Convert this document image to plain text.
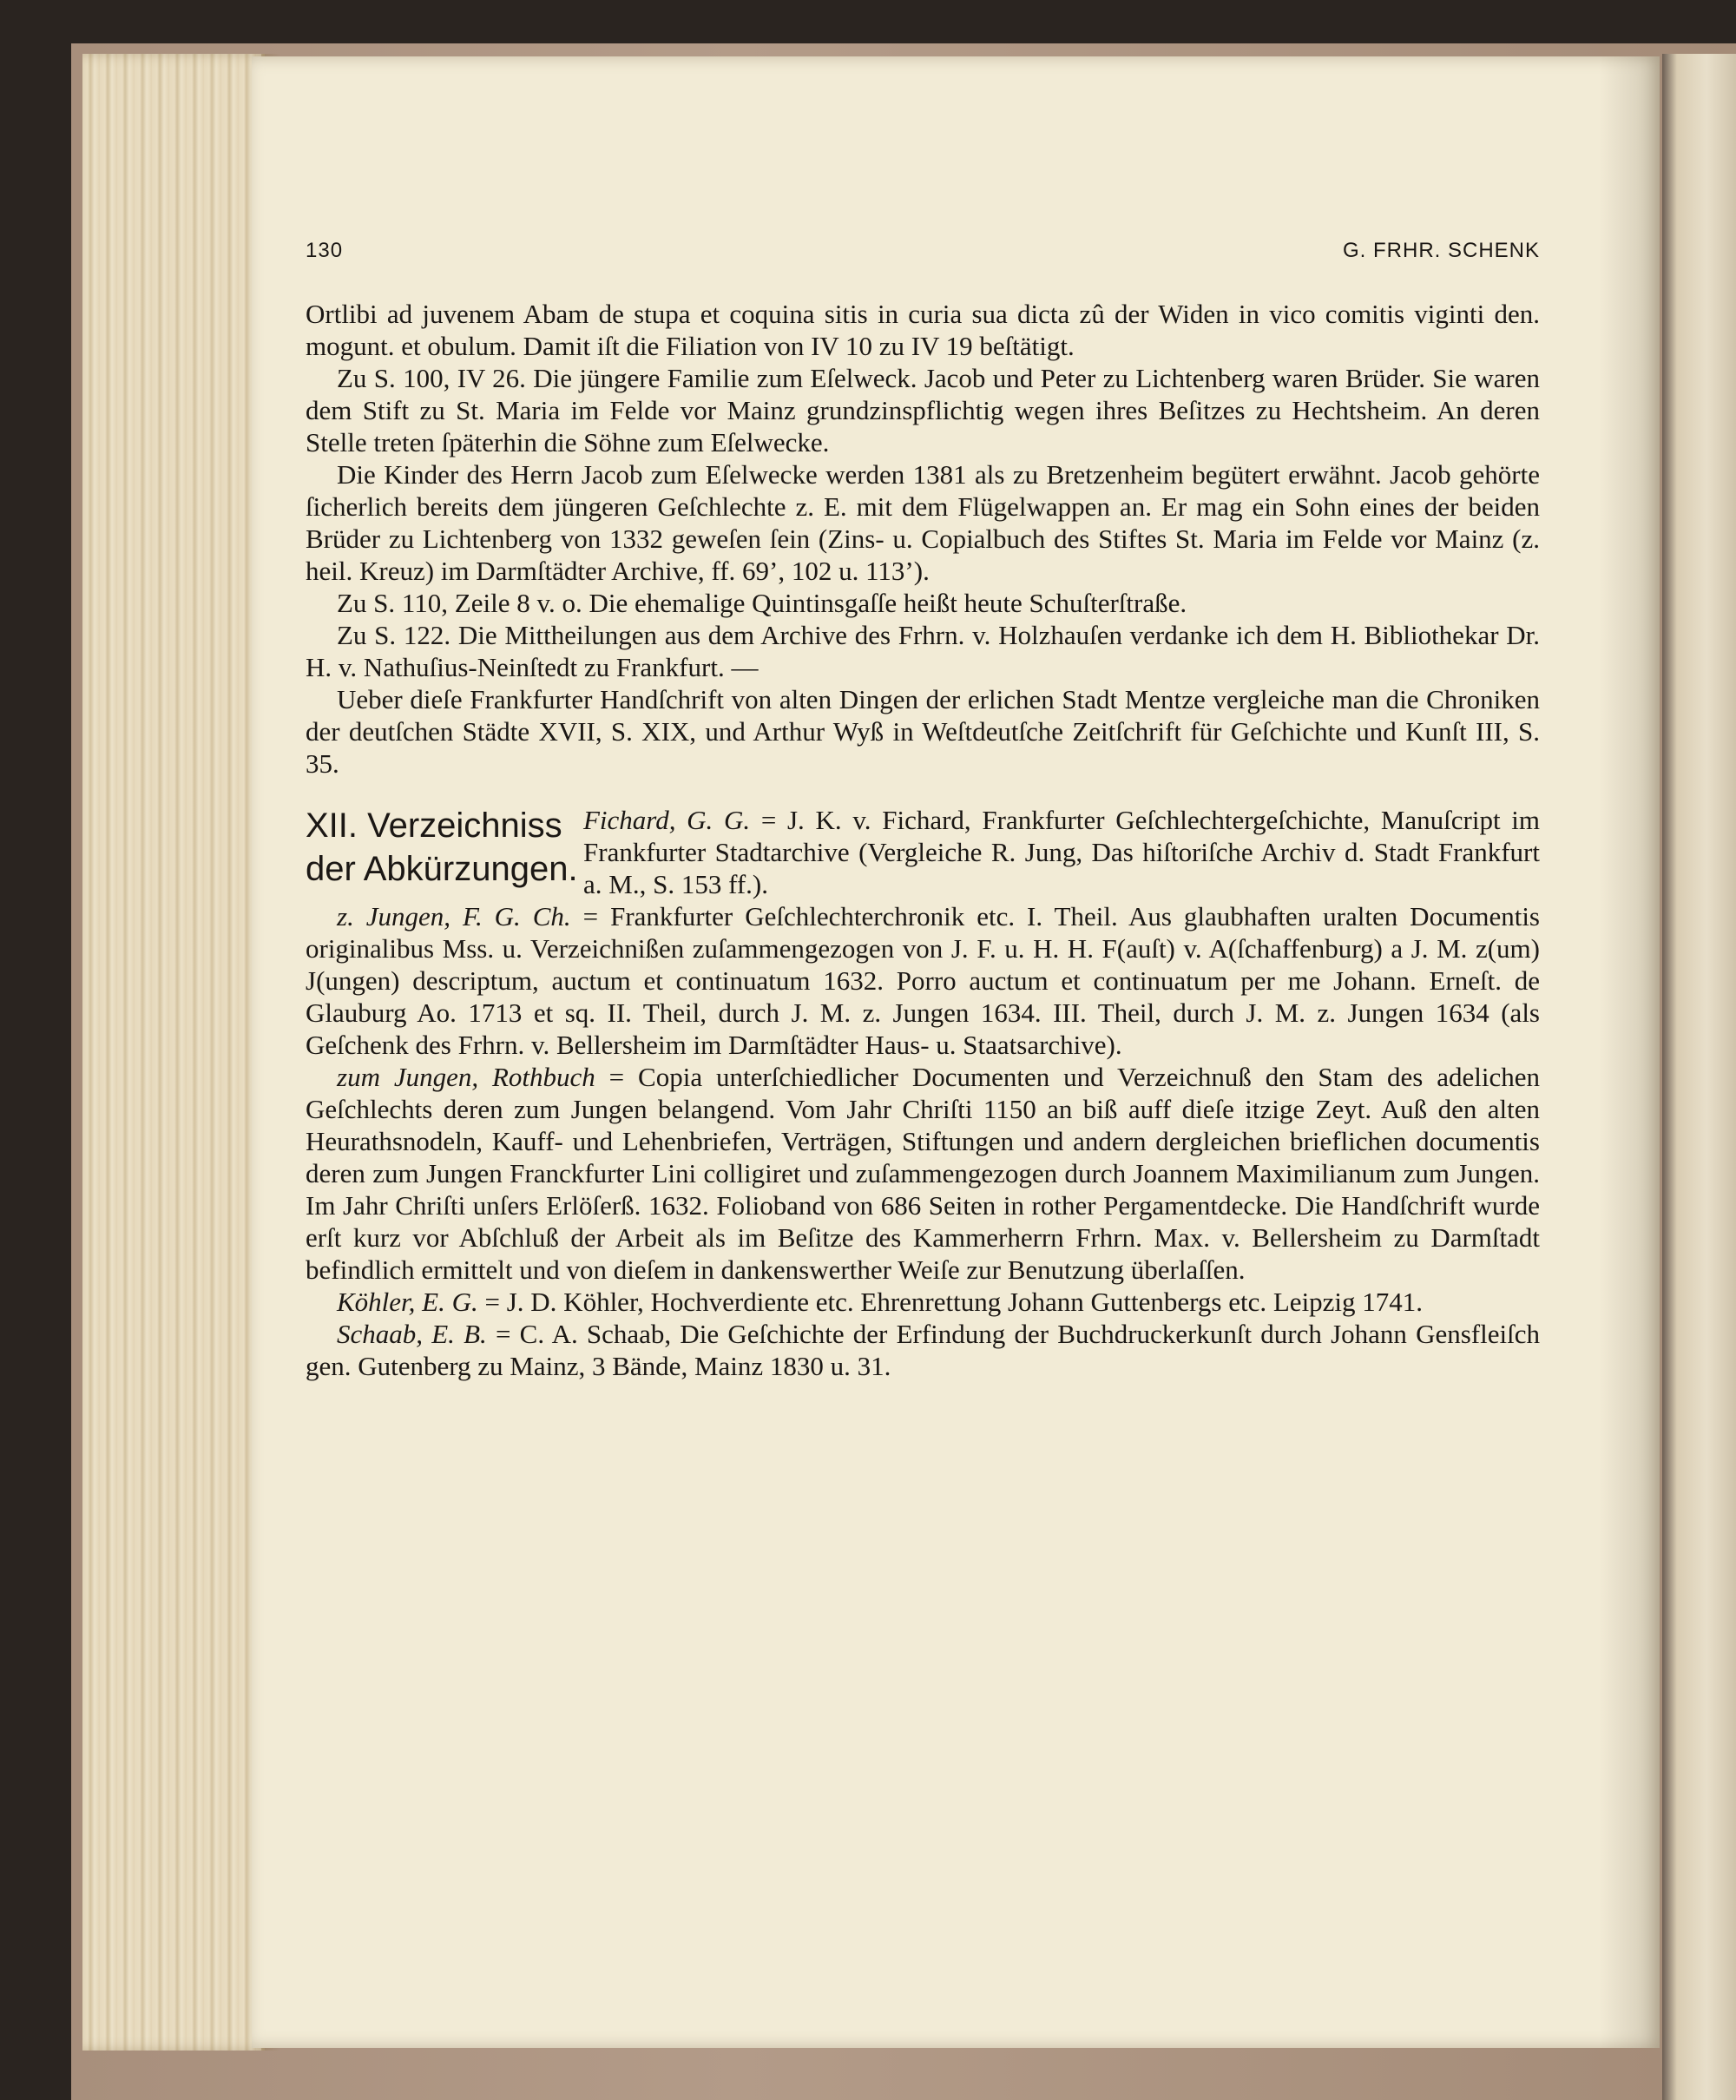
130	G. FRHR. SCHENK

Ortlibi ad juvenem Abam de stupa et coquina sitis in curia sua dicta zû der Widen in vico comitis viginti den. mogunt. et obulum. Damit iſt die Filiation von IV 10 zu IV 19 beſtätigt.

Zu S. 100, IV 26. Die jüngere Familie zum Eſelweck. Jacob und Peter zu Lichtenberg waren Brüder. Sie waren dem Stift zu St. Maria im Felde vor Mainz grundzinspflichtig wegen ihres Beſitzes zu Hechtsheim. An deren Stelle treten ſpäterhin die Söhne zum Eſelwecke.

Die Kinder des Herrn Jacob zum Eſelwecke werden 1381 als zu Bretzenheim begütert erwähnt. Jacob gehörte ſicherlich bereits dem jüngeren Geſchlechte z. E. mit dem Flügelwappen an. Er mag ein Sohn eines der beiden Brüder zu Lichtenberg von 1332 geweſen ſein (Zins- u. Copialbuch des Stiftes St. Maria im Felde vor Mainz (z. heil. Kreuz) im Darmſtädter Archive, ff. 69’, 102 u. 113’).

Zu S. 110, Zeile 8 v. o. Die ehemalige Quintinsgaſſe heißt heute Schuſterſtraße.

Zu S. 122. Die Mittheilungen aus dem Archive des Frhrn. v. Holzhauſen verdanke ich dem H. Bibliothekar Dr. H. v. Nathuſius-Neinſtedt zu Frankfurt. —

Ueber dieſe Frankfurter Handſchrift von alten Dingen der erlichen Stadt Mentze vergleiche man die Chroniken der deutſchen Städte XVII, S. XIX, und Arthur Wyß in Weſtdeutſche Zeitſchrift für Geſchichte und Kunſt III, S. 35.

XII. Verzeichniss der Abkürzungen.

Fichard, G. G. = J. K. v. Fichard, Frankfurter Geſchlechtergeſchichte, Manuſcript im Frankfurter Stadtarchive (Vergleiche R. Jung, Das hiſtoriſche Archiv d. Stadt Frankfurt a. M., S. 153 ff.).

z. Jungen, F. G. Ch. = Frankfurter Geſchlechterchronik etc. I. Theil. Aus glaubhaften uralten Documentis originalibus Mss. u. Verzeichnißen zuſammengezogen von J. F. u. H. H. F(auſt) v. A(ſchaffenburg) a J. M. z(um) J(ungen) descriptum, auctum et continuatum 1632. Porro auctum et continuatum per me Johann. Erneſt. de Glauburg Ao. 1713 et sq. II. Theil, durch J. M. z. Jungen 1634. III. Theil, durch J. M. z. Jungen 1634 (als Geſchenk des Frhrn. v. Bellersheim im Darmſtädter Haus- u. Staatsarchive).

zum Jungen, Rothbuch = Copia unterſchiedlicher Documenten und Verzeichnuß den Stam des adelichen Geſchlechts deren zum Jungen belangend. Vom Jahr Chriſti 1150 an biß auff dieſe itzige Zeyt. Auß den alten Heurathsnodeln, Kauff- und Lehenbriefen, Verträgen, Stiftungen und andern dergleichen brieflichen documentis deren zum Jungen Franckfurter Lini colligiret und zuſammengezogen durch Joannem Maximilianum zum Jungen. Im Jahr Chriſti unſers Erlöſerß. 1632. Folioband von 686 Seiten in rother Pergamentdecke. Die Handſchrift wurde erſt kurz vor Abſchluß der Arbeit als im Beſitze des Kammerherrn Frhrn. Max. v. Bellersheim zu Darmſtadt befindlich ermittelt und von dieſem in dankenswerther Weiſe zur Benutzung überlaſſen.

Köhler, E. G. = J. D. Köhler, Hochverdiente etc. Ehrenrettung Johann Guttenbergs etc. Leipzig 1741.

Schaab, E. B. = C. A. Schaab, Die Geſchichte der Erfindung der Buchdruckerkunſt durch Johann Gensfleiſch gen. Gutenberg zu Mainz, 3 Bände, Mainz 1830 u. 31.
